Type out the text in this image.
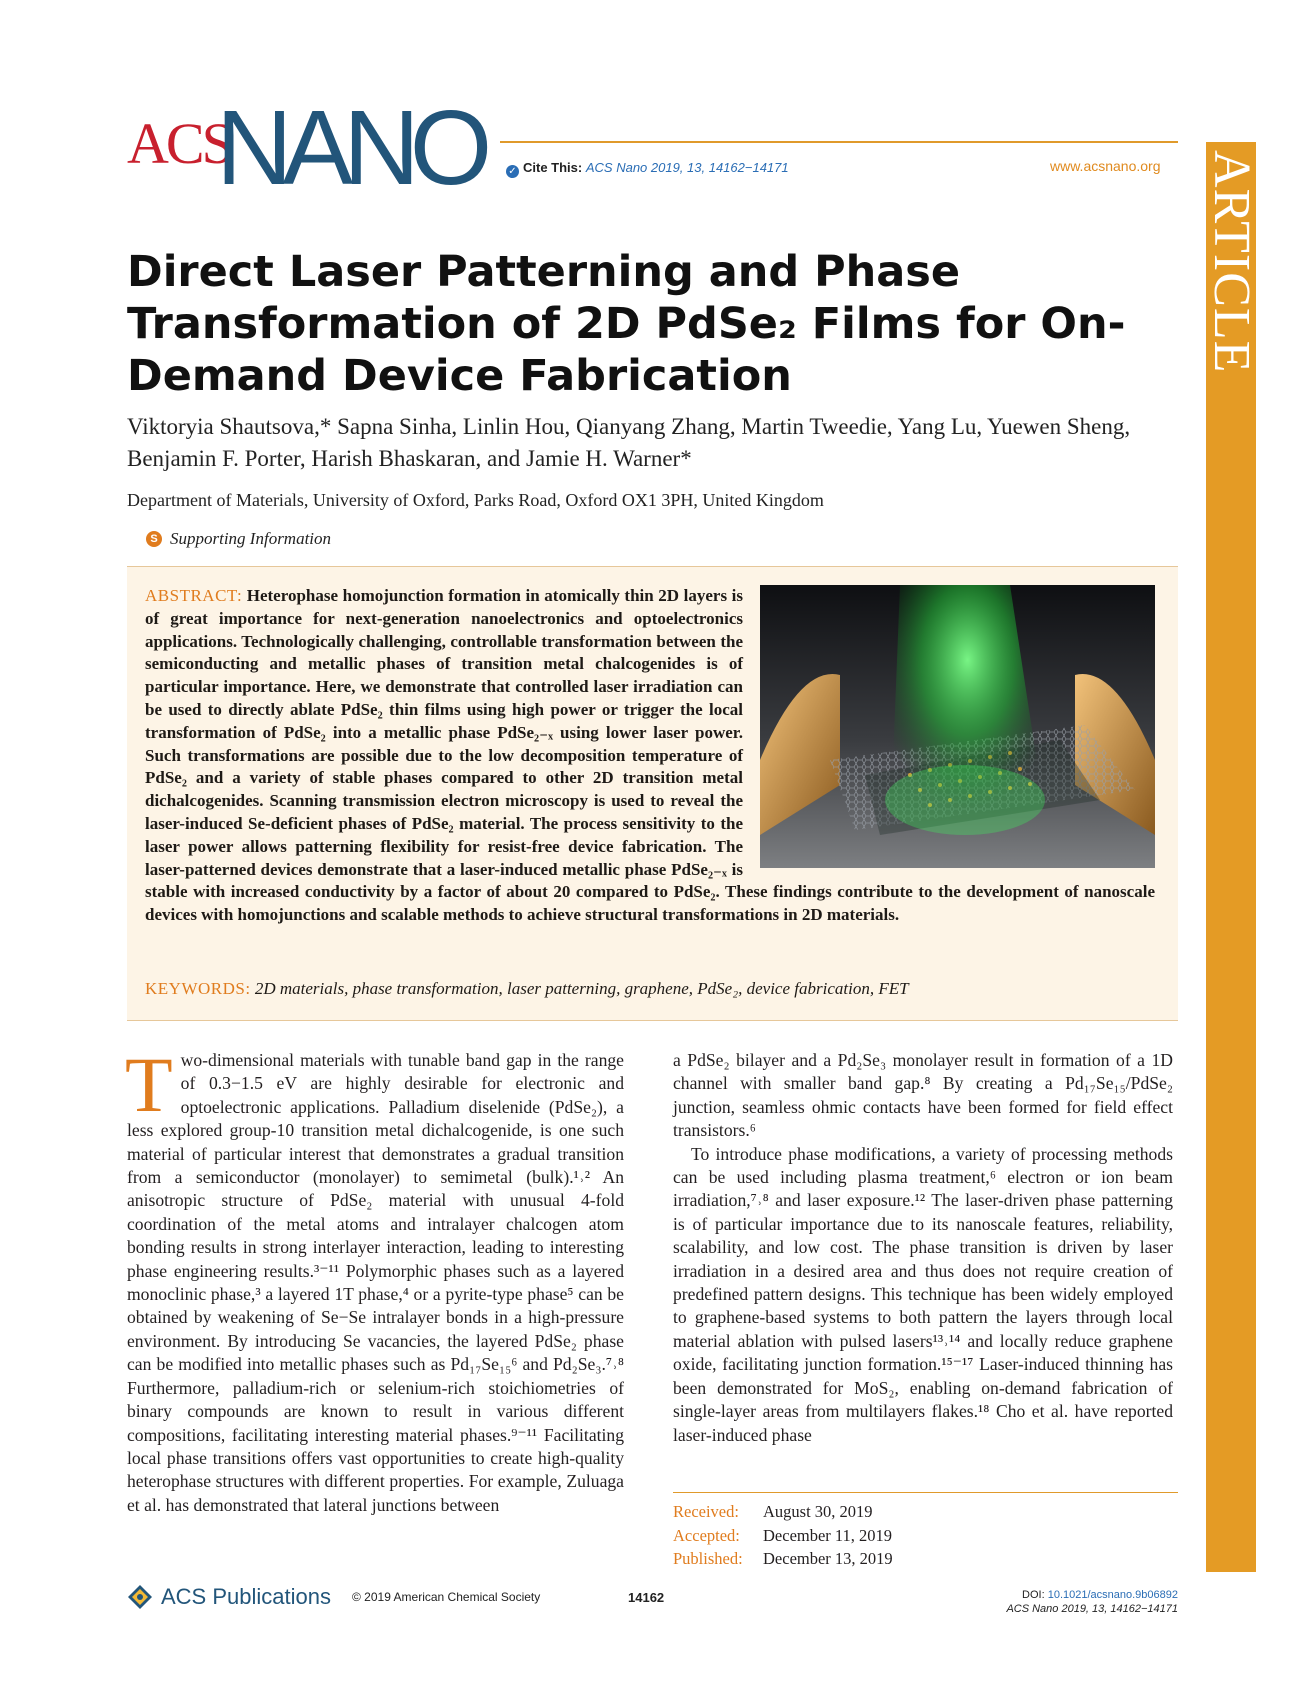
ACS
NANO	✓ Cite This: ACS Nano 2019, 13, 14162−14171	www.acsnano.org ARTICLE
Direct Laser Patterning and Phase Transformation of 2D PdSe₂ Films for On-Demand Device Fabrication
Viktoryia Shautsova,* Sapna Sinha, Linlin Hou, Qianyang Zhang, Martin Tweedie, Yang Lu, Yuewen Sheng, Benjamin F. Porter, Harish Bhaskaran, and Jamie H. Warner*
Department of Materials, University of Oxford, Parks Road, Oxford OX1 3PH, United Kingdom
S Supporting Information
ABSTRACT: Heterophase homojunction formation in atomically thin 2D layers is of great importance for next-generation nanoelectronics and optoelectronics applications. Technologically challenging, controllable transformation between the semiconducting and metallic phases of transition metal chalcogenides is of particular importance. Here, we demonstrate that controlled laser irradiation can be used to directly ablate PdSe₂ thin films using high power or trigger the local transformation of PdSe₂ into a metallic phase PdSe₂₋ₓ using lower laser power. Such transformations are possible due to the low decomposition temperature of PdSe₂ and a variety of stable phases compared to other 2D transition metal dichalcogenides. Scanning transmission electron microscopy is used to reveal the laser-induced Se-deficient phases of PdSe₂ material. The process sensitivity to the laser power allows patterning flexibility for resist-free device fabrication. The laser-patterned devices demonstrate that a laser-induced metallic phase PdSe₂₋ₓ is stable with increased conductivity by a factor of about 20 compared to PdSe₂. These findings contribute to the development of nanoscale devices with homojunctions and scalable methods to achieve structural transformations in 2D materials.
KEYWORDS: 2D materials, phase transformation, laser patterning, graphene, PdSe₂, device fabrication, FET
T wo-dimensional materials with tunable band gap in the range of 0.3−1.5 eV are highly desirable for electronic and optoelectronic applications. Palladium diselenide (PdSe₂), a less explored group-10 transition metal dichalcogenide, is one such material of particular interest that demonstrates a gradual transition from a semiconductor (monolayer) to semimetal (bulk).¹˒² An anisotropic structure of PdSe₂ material with unusual 4-fold coordination of the metal atoms and intralayer chalcogen atom bonding results in strong interlayer interaction, leading to interesting phase engineering results.³⁻¹¹ Polymorphic phases such as a layered monoclinic phase,³ a layered 1T phase,⁴ or a pyrite-type phase⁵ can be obtained by weakening of Se−Se intralayer bonds in a high-pressure environment. By introducing Se vacancies, the layered PdSe₂ phase can be modified into metallic phases such as Pd₁₇Se₁₅⁶ and Pd₂Se₃.⁷˒⁸ Furthermore, palladium-rich or selenium-rich stoichiometries of binary compounds are known to result in various different compositions, facilitating interesting material phases.⁹⁻¹¹ Facilitating local phase transitions offers vast opportunities to create high-quality heterophase structures with different properties. For example, Zuluaga et al. has demonstrated that lateral junctions between

a PdSe₂ bilayer and a Pd₂Se₃ monolayer result in formation of a 1D channel with smaller band gap.⁸ By creating a Pd₁₇Se₁₅/PdSe₂ junction, seamless ohmic contacts have been formed for field effect transistors.⁶

To introduce phase modifications, a variety of processing methods can be used including plasma treatment,⁶ electron or ion beam irradiation,⁷˒⁸ and laser exposure.¹² The laser-driven phase patterning is of particular importance due to its nanoscale features, reliability, scalability, and low cost. The phase transition is driven by laser irradiation in a desired area and thus does not require creation of predefined pattern designs. This technique has been widely employed to graphene-based systems to both pattern the layers through local material ablation with pulsed lasers¹³˒¹⁴ and locally reduce graphene oxide, facilitating junction formation.¹⁵⁻¹⁷ Laser-induced thinning has been demonstrated for MoS₂, enabling on-demand fabrication of single-layer areas from multilayers flakes.¹⁸ Cho et al. have reported laser-induced phase

Received: August 30, 2019
Accepted: December 11, 2019
Published: December 13, 2019
ACS Publications © 2019 American Chemical Society	14162	DOI: 10.1021/acsnano.9b06892
ACS Nano 2019, 13, 14162−14171
